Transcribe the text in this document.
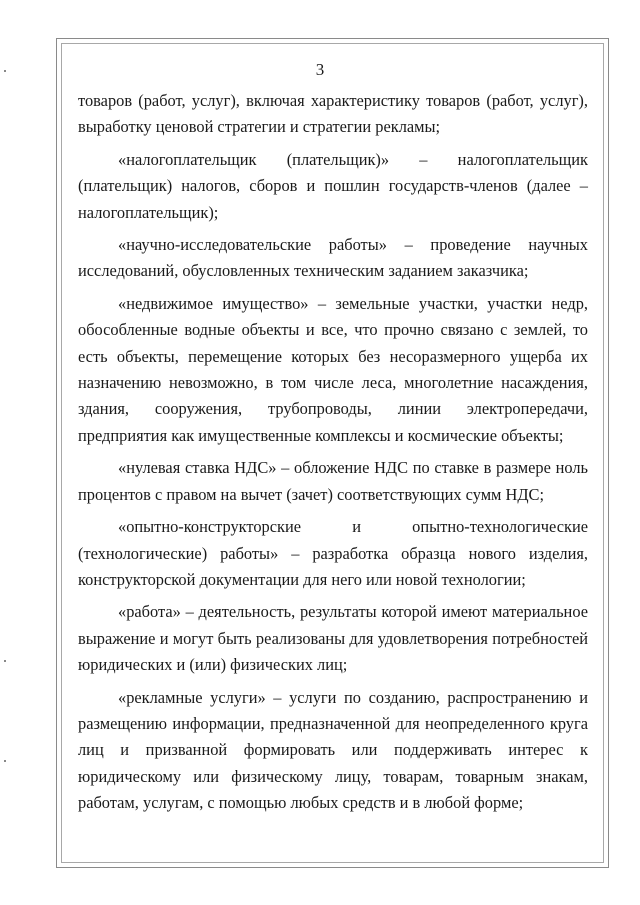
3

товаров (работ, услуг), включая характеристику товаров (работ, услуг), выработку ценовой стратегии и стратегии рекламы;

«налогоплательщик (плательщик)» – налогоплательщик (плательщик) налогов, сборов и пошлин государств-членов (далее – налогоплательщик);

«научно-исследовательские работы» – проведение научных исследований, обусловленных техническим заданием заказчика;

«недвижимое имущество» – земельные участки, участки недр, обособленные водные объекты и все, что прочно связано с землей, то есть объекты, перемещение которых без несоразмерного ущерба их назначению невозможно, в том числе леса, многолетние насаждения, здания, сооружения, трубопроводы, линии электропередачи, предприятия как имущественные комплексы и космические объекты;

«нулевая ставка НДС» – обложение НДС по ставке в размере ноль процентов с правом на вычет (зачет) соответствующих сумм НДС;

«опытно-конструкторские и опытно-технологические (технологические) работы» – разработка образца нового изделия, конструкторской документации для него или новой технологии;

«работа» – деятельность, результаты которой имеют материальное выражение и могут быть реализованы для удовлетворения потребностей юридических и (или) физических лиц;

«рекламные услуги» – услуги по созданию, распространению и размещению информации, предназначенной для неопределенного круга лиц и призванной формировать или поддерживать интерес к юридическому или физическому лицу, товарам, товарным знакам, работам, услугам, с помощью любых средств и в любой форме;
